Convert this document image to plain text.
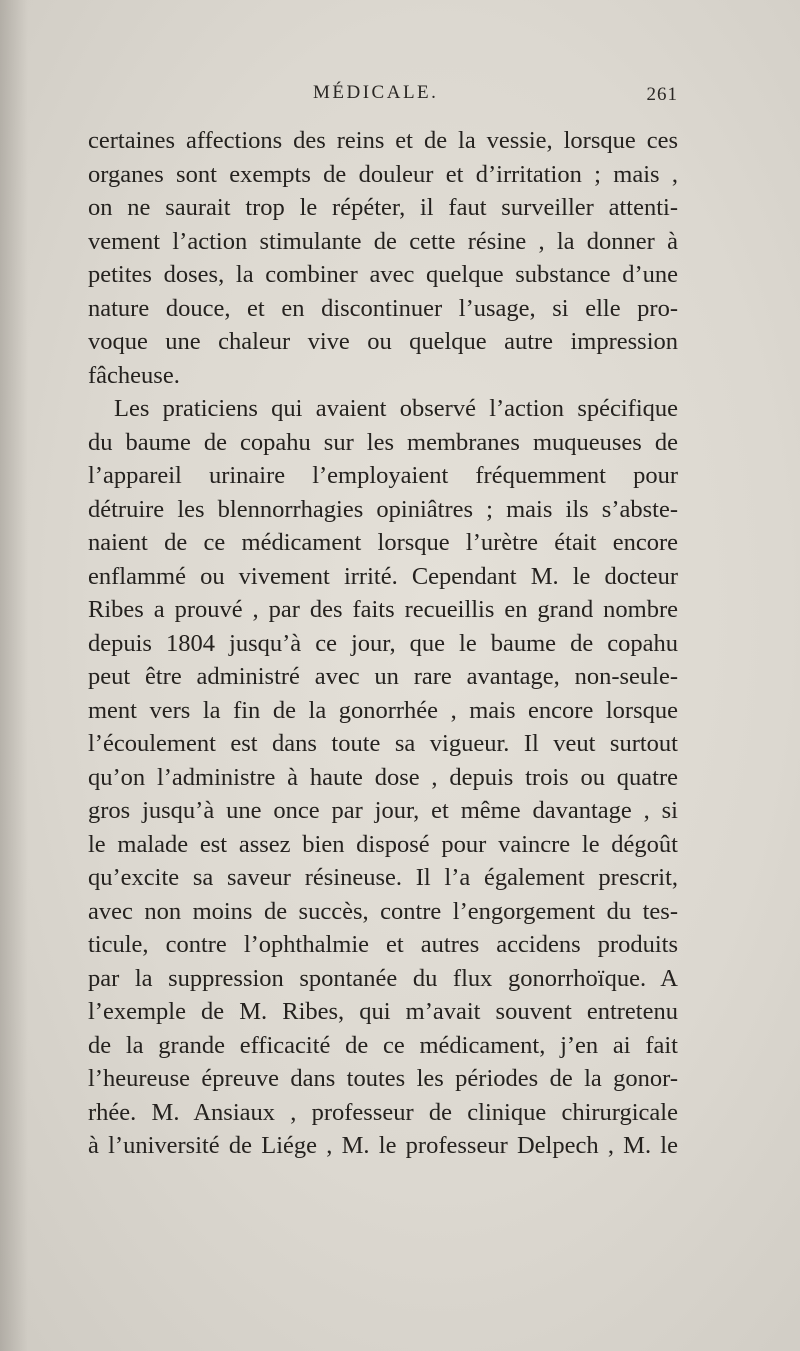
MÉDICALE.	261
certaines affections des reins et de la vessie, lorsque ces
organes sont exempts de douleur et d’irritation ; mais ,
on ne saurait trop le répéter, il faut surveiller attenti-
vement l’action stimulante de cette résine , la donner à
petites doses, la combiner avec quelque substance d’une
nature douce, et en discontinuer l’usage, si elle pro-
voque une chaleur vive ou quelque autre impression
fâcheuse.
Les praticiens qui avaient observé l’action spécifique
du baume de copahu sur les membranes muqueuses de
l’appareil urinaire l’employaient fréquemment pour
détruire les blennorrhagies opiniâtres ; mais ils s’abste-
naient de ce médicament lorsque l’urètre était encore
enflammé ou vivement irrité. Cependant M. le docteur
Ribes a prouvé , par des faits recueillis en grand nombre
depuis 1804 jusqu’à ce jour, que le baume de copahu
peut être administré avec un rare avantage, non-seule-
ment vers la fin de la gonorrhée , mais encore lorsque
l’écoulement est dans toute sa vigueur. Il veut surtout
qu’on l’administre à haute dose , depuis trois ou quatre
gros jusqu’à une once par jour, et même davantage , si
le malade est assez bien disposé pour vaincre le dégoût
qu’excite sa saveur résineuse. Il l’a également prescrit,
avec non moins de succès, contre l’engorgement du tes-
ticule, contre l’ophthalmie et autres accidens produits
par la suppression spontanée du flux gonorrhoïque. A
l’exemple de M. Ribes, qui m’avait souvent entretenu
de la grande efficacité de ce médicament, j’en ai fait
l’heureuse épreuve dans toutes les périodes de la gonor-
rhée. M. Ansiaux , professeur de clinique chirurgicale
à l’université de Liége , M. le professeur Delpech , M. le
